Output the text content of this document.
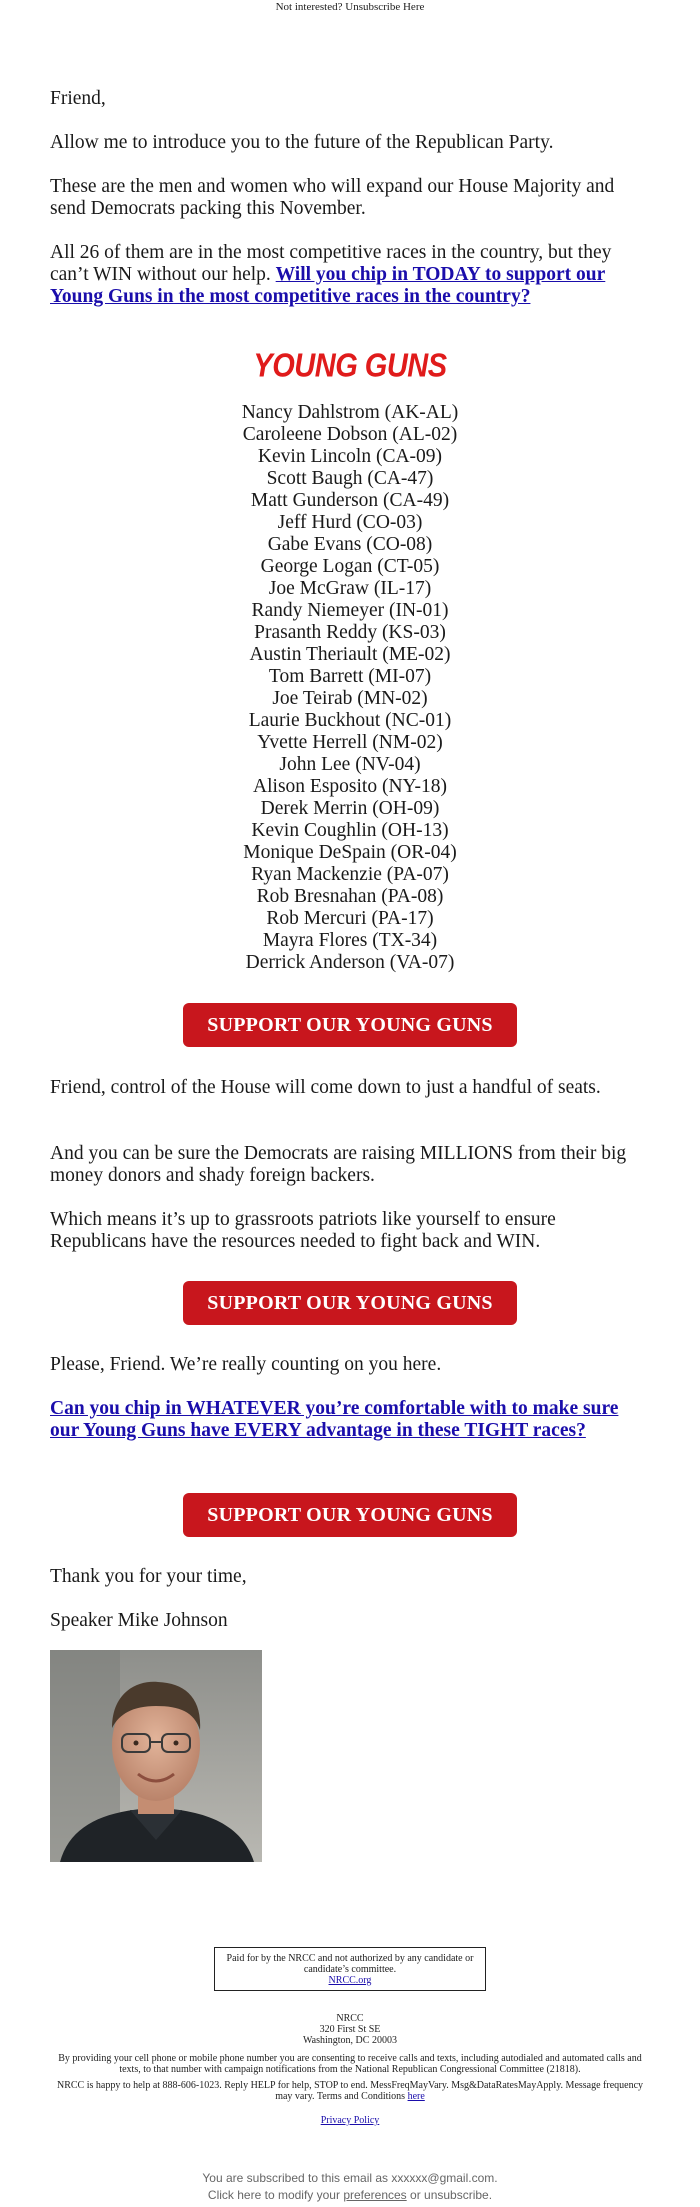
Not interested? Unsubscribe Here

Friend,

Allow me to introduce you to the future of the Republican Party.

These are the men and women who will expand our House Majority and send Democrats packing this November.

All 26 of them are in the most competitive races in the country, but they can’t WIN without our help. Will you chip in TODAY to support our Young Guns in the most competitive races in the country?

YOUNG GUNS
Nancy Dahlstrom (AK-AL)
Caroleene Dobson (AL-02)
Kevin Lincoln (CA-09)
Scott Baugh (CA-47)
Matt Gunderson (CA-49)
Jeff Hurd (CO-03)
Gabe Evans (CO-08)
George Logan (CT-05)
Joe McGraw (IL-17)
Randy Niemeyer (IN-01)
Prasanth Reddy (KS-03)
Austin Theriault (ME-02)
Tom Barrett (MI-07)
Joe Teirab (MN-02)
Laurie Buckhout (NC-01)
Yvette Herrell (NM-02)
John Lee (NV-04)
Alison Esposito (NY-18)
Derek Merrin (OH-09)
Kevin Coughlin (OH-13)
Monique DeSpain (OR-04)
Ryan Mackenzie (PA-07)
Rob Bresnahan (PA-08)
Rob Mercuri (PA-17)
Mayra Flores (TX-34)
Derrick Anderson (VA-07)
SUPPORT OUR YOUNG GUNS

Friend, control of the House will come down to just a handful of seats.

And you can be sure the Democrats are raising MILLIONS from their big money donors and shady foreign backers.

Which means it’s up to grassroots patriots like yourself to ensure Republicans have the resources needed to fight back and WIN.

SUPPORT OUR YOUNG GUNS

Please, Friend. We’re really counting on you here.

Can you chip in WHATEVER you’re comfortable with to make sure our Young Guns have EVERY advantage in these TIGHT races?

SUPPORT OUR YOUNG GUNS

Thank you for your time,

Speaker Mike Johnson

Paid for by the NRCC and not authorized by any candidate or candidate’s committee.
NRCC.org
NRCC
320 First St SE
Washington, DC 20003
By providing your cell phone or mobile phone number you are consenting to receive calls and texts, including autodialed and automated calls and texts, to that number with campaign notifications from the National Republican Congressional Committee (21818).
NRCC is happy to help at 888-606-1023. Reply HELP for help, STOP to end. MessFreqMayVary. Msg&DataRatesMayApply. Message frequency may vary. Terms and Conditions here
Privacy Policy
You are subscribed to this email as xxxxxx@gmail.com.
Click here to modify your preferences or unsubscribe.
